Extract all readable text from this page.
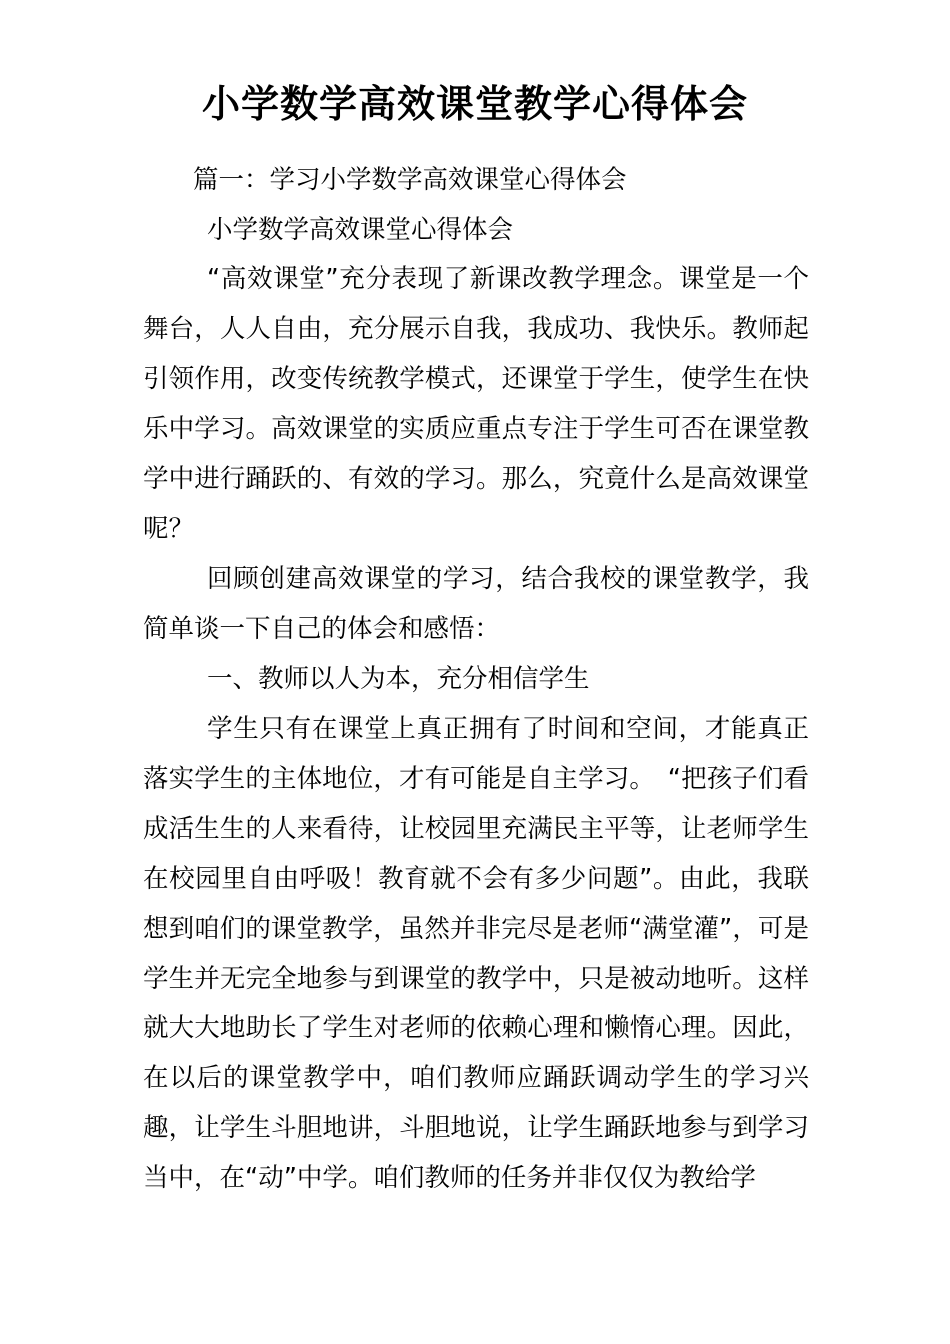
小学数学高效课堂教学心得体会

篇一：学习小学数学高效课堂心得体会

小学数学高效课堂心得体会

“高效课堂”充分表现了新课改教学理念。课堂是一个舞台，人人自由，充分展示自我，我成功、我快乐。教师起引领作用，改变传统教学模式，还课堂于学生，使学生在快乐中学习。高效课堂的实质应重点专注于学生可否在课堂教学中进行踊跃的、有效的学习。那么，究竟什么是高效课堂呢？

回顾创建高效课堂的学习，结合我校的课堂教学，我简单谈一下自己的体会和感悟：

一、教师以人为本，充分相信学生

学生只有在课堂上真正拥有了时间和空间，才能真正落实学生的主体地位，才有可能是自主学习。　“把孩子们看成活生生的人来看待，让校园里充满民主平等，让老师学生在校园里自由呼吸！教育就不会有多少问题”。由此，我联想到咱们的课堂教学，虽然并非完尽是老师“满堂灌”，可是学生并无完全地参与到课堂的教学中，只是被动地听。这样就大大地助长了学生对老师的依赖心理和懒惰心理。因此，在以后的课堂教学中，咱们教师应踊跃调动学生的学习兴趣，让学生斗胆地讲，斗胆地说，让学生踊跃地参与到学习当中，在“动”中学。咱们教师的任务并非仅仅为教给学
